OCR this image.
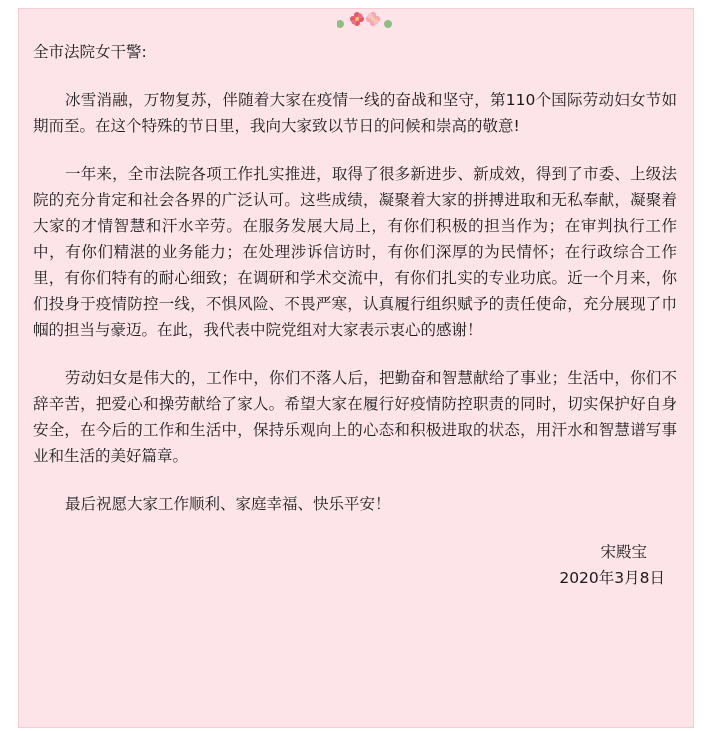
全市法院女干警:

冰雪消融，万物复苏，伴随着大家在疫情一线的奋战和坚守，第110个国际劳动妇女节如期而至。在这个特殊的节日里，我向大家致以节日的问候和崇高的敬意!

一年来，全市法院各项工作扎实推进，取得了很多新进步、新成效，得到了市委、上级法院的充分肯定和社会各界的广泛认可。这些成绩，凝聚着大家的拼搏进取和无私奉献，凝聚着大家的才情智慧和汗水辛劳。在服务发展大局上，有你们积极的担当作为；在审判执行工作中，有你们精湛的业务能力；在处理涉诉信访时，有你们深厚的为民情怀；在行政综合工作里，有你们特有的耐心细致；在调研和学术交流中，有你们扎实的专业功底。近一个月来，你们投身于疫情防控一线，不惧风险、不畏严寒，认真履行组织赋予的责任使命，充分展现了巾帼的担当与豪迈。在此，我代表中院党组对大家表示衷心的感谢！

劳动妇女是伟大的，工作中，你们不落人后，把勤奋和智慧献给了事业；生活中，你们不辞辛苦，把爱心和操劳献给了家人。希望大家在履行好疫情防控职责的同时，切实保护好自身安全，在今后的工作和生活中，保持乐观向上的心态和积极进取的状态，用汗水和智慧谱写事业和生活的美好篇章。

最后祝愿大家工作顺利、家庭幸福、快乐平安！

宋殿宝
2020年3月8日
